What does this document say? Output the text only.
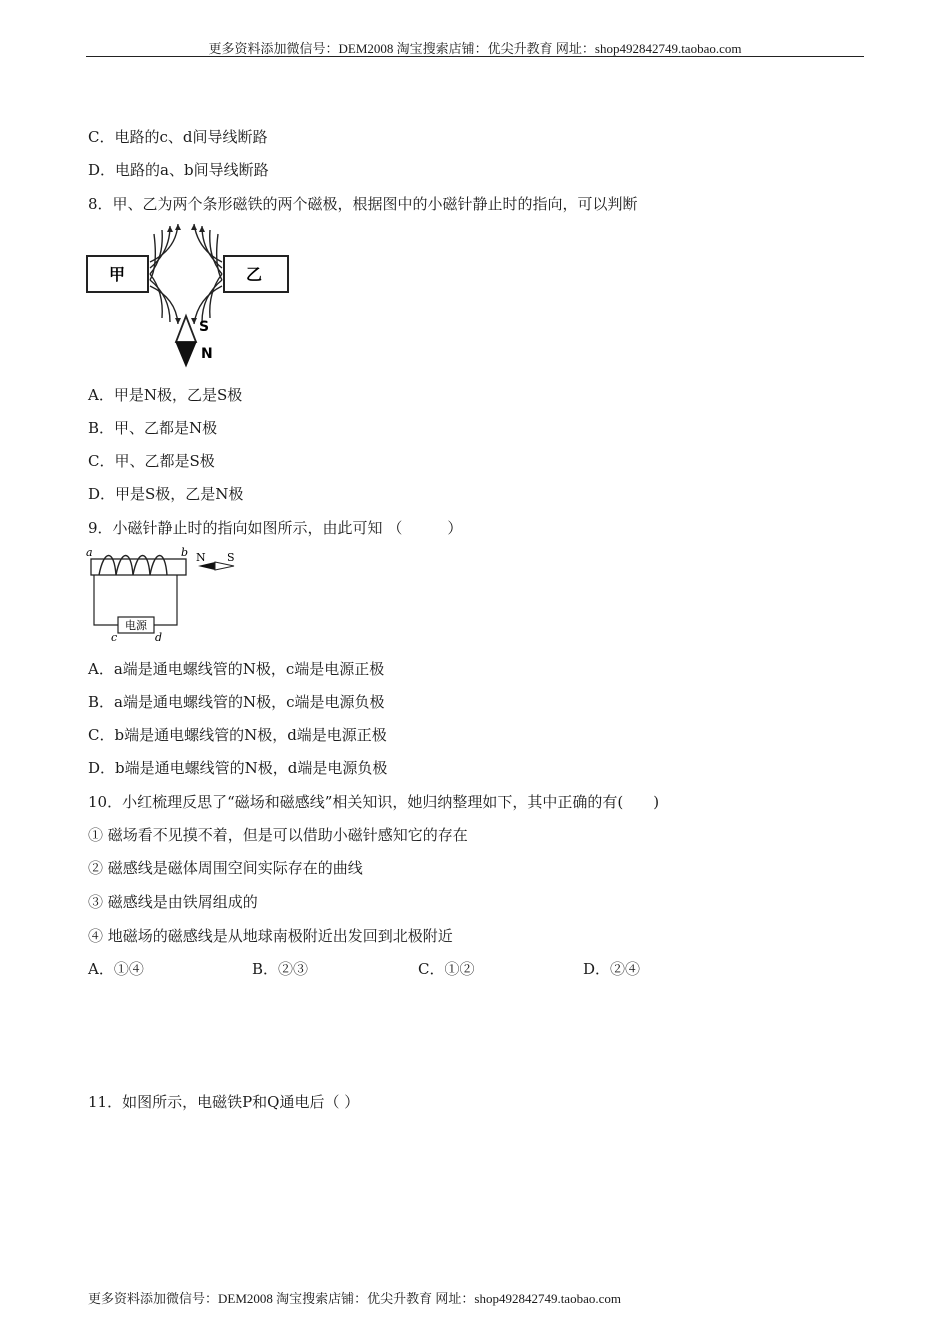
更多资料添加微信号：DEM2008 淘宝搜索店铺：优尖升教育 网址：shop492842749.taobao.com
C．电路的c、d间导线断路
D．电路的a、b间导线断路
8．甲、乙为两个条形磁铁的两个磁极，根据图中的小磁针静止时的指向，可以判断
甲	乙
S
N
A．甲是N极，乙是S极
B．甲、乙都是N极
C．甲、乙都是S极
D．甲是S极，乙是N极
9．小磁针静止时的指向如图所示，由此可知 （　　　）
a	b
电源
c	d
N S
A．a端是通电螺线管的N极，c端是电源正极
B．a端是通电螺线管的N极，c端是电源负极
C．b端是通电螺线管的N极，d端是电源正极
D．b端是通电螺线管的N极，d端是电源负极
10．小红梳理反思了“磁场和磁感线”相关知识，她归纳整理如下，其中正确的有(　　)
① 磁场看不见摸不着，但是可以借助小磁针感知它的存在
② 磁感线是磁体周围空间实际存在的曲线
③ 磁感线是由铁屑组成的
④ 地磁场的磁感线是从地球南极附近出发回到北极附近
A．①④	B．②③	C．①②	D．②④
11．如图所示，电磁铁P和Q通电后（ ）
更多资料添加微信号：DEM2008 淘宝搜索店铺：优尖升教育 网址：shop492842749.taobao.com
